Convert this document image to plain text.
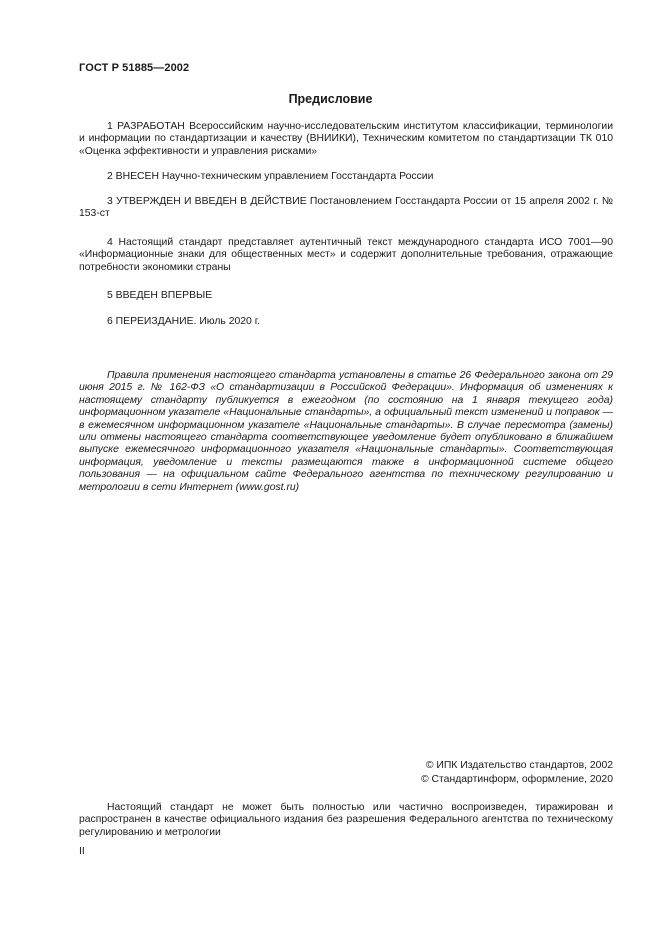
ГОСТ Р 51885—2002
Предисловие

1 РАЗРАБОТАН Всероссийским научно-исследовательским институтом классификации, терминологии и информации по стандартизации и качеству (ВНИИКИ), Техническим комитетом по стандартизации ТК 010 «Оценка эффективности и управления рисками»

2 ВНЕСЕН Научно-техническим управлением Госстандарта России

3 УТВЕРЖДЕН И ВВЕДЕН В ДЕЙСТВИЕ Постановлением Госстандарта России от 15 апреля 2002 г. № 153-ст

4 Настоящий стандарт представляет аутентичный текст международного стандарта ИСО 7001—90 «Информационные знаки для общественных мест» и содержит дополнительные требования, отражающие потребности экономики страны

5 ВВЕДЕН ВПЕРВЫЕ

6 ПЕРЕИЗДАНИЕ. Июль 2020 г.

Правила применения настоящего стандарта установлены в статье 26 Федерального закона от 29 июня 2015 г. № 162-ФЗ «О стандартизации в Российской Федерации». Информация об изменениях к настоящему стандарту публикуется в ежегодном (по состоянию на 1 января текущего года) информационном указателе «Национальные стандарты», а официальный текст изменений и поправок — в ежемесячном информационном указателе «Национальные стандарты». В случае пересмотра (замены) или отмены настоящего стандарта соответствующее уведомление будет опубликовано в ближайшем выпуске ежемесячного информационного указателя «Национальные стандарты». Соответствующая информация, уведомление и тексты размещаются также в информационной системе общего пользования — на официальном сайте Федерального агентства по техническому регулированию и метрологии в сети Интернет (www.gost.ru)

© ИПК Издательство стандартов, 2002
© Стандартинформ, оформление, 2020

Настоящий стандарт не может быть полностью или частично воспроизведен, тиражирован и распространен в качестве официального издания без разрешения Федерального агентства по техническому регулированию и метрологии

II
